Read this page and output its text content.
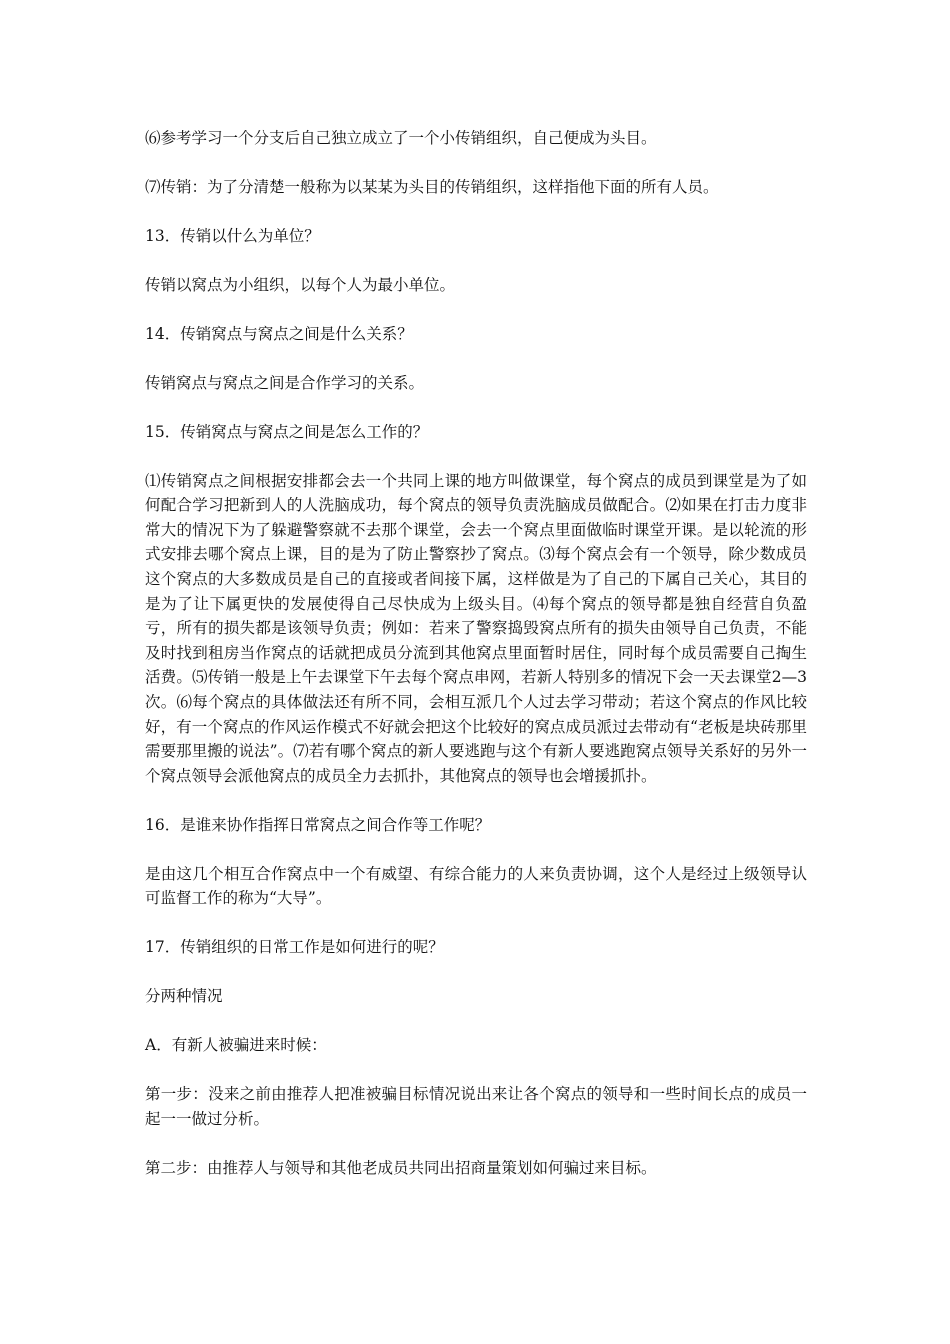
⑹参考学习一个分支后自己独立成立了一个小传销组织，自己便成为头目。

⑺传销：为了分清楚一般称为以某某为头目的传销组织，这样指他下面的所有人员。

13．传销以什么为单位？

传销以窝点为小组织，以每个人为最小单位。

14．传销窝点与窝点之间是什么关系？

传销窝点与窝点之间是合作学习的关系。

15．传销窝点与窝点之间是怎么工作的？

⑴传销窝点之间根据安排都会去一个共同上课的地方叫做课堂，每个窝点的成员到课堂是为了如何配合学习把新到人的人洗脑成功，每个窝点的领导负责洗脑成员做配合。⑵如果在打击力度非常大的情况下为了躲避警察就不去那个课堂，会去一个窝点里面做临时课堂开课。是以轮流的形式安排去哪个窝点上课，目的是为了防止警察抄了窝点。⑶每个窝点会有一个领导，除少数成员这个窝点的大多数成员是自己的直接或者间接下属，这样做是为了自己的下属自己关心，其目的是为了让下属更快的发展使得自己尽快成为上级头目。⑷每个窝点的领导都是独自经营自负盈亏，所有的损失都是该领导负责；例如：若来了警察捣毁窝点所有的损失由领导自己负责，不能及时找到租房当作窝点的话就把成员分流到其他窝点里面暂时居住，同时每个成员需要自己掏生活费。⑸传销一般是上午去课堂下午去每个窝点串网，若新人特别多的情况下会一天去课堂2—3次。⑹每个窝点的具体做法还有所不同，会相互派几个人过去学习带动；若这个窝点的作风比较好，有一个窝点的作风运作模式不好就会把这个比较好的窝点成员派过去带动有“老板是块砖那里需要那里搬的说法”。⑺若有哪个窝点的新人要逃跑与这个有新人要逃跑窝点领导关系好的另外一个窝点领导会派他窝点的成员全力去抓扑，其他窝点的领导也会增援抓扑。

16．是谁来协作指挥日常窝点之间合作等工作呢？

是由这几个相互合作窝点中一个有威望、有综合能力的人来负责协调，这个人是经过上级领导认可监督工作的称为“大导”。

17．传销组织的日常工作是如何进行的呢？

分两种情况

A．有新人被骗进来时候：

第一步：没来之前由推荐人把准被骗目标情况说出来让各个窝点的领导和一些时间长点的成员一起一一做过分析。

第二步：由推荐人与领导和其他老成员共同出招商量策划如何骗过来目标。
